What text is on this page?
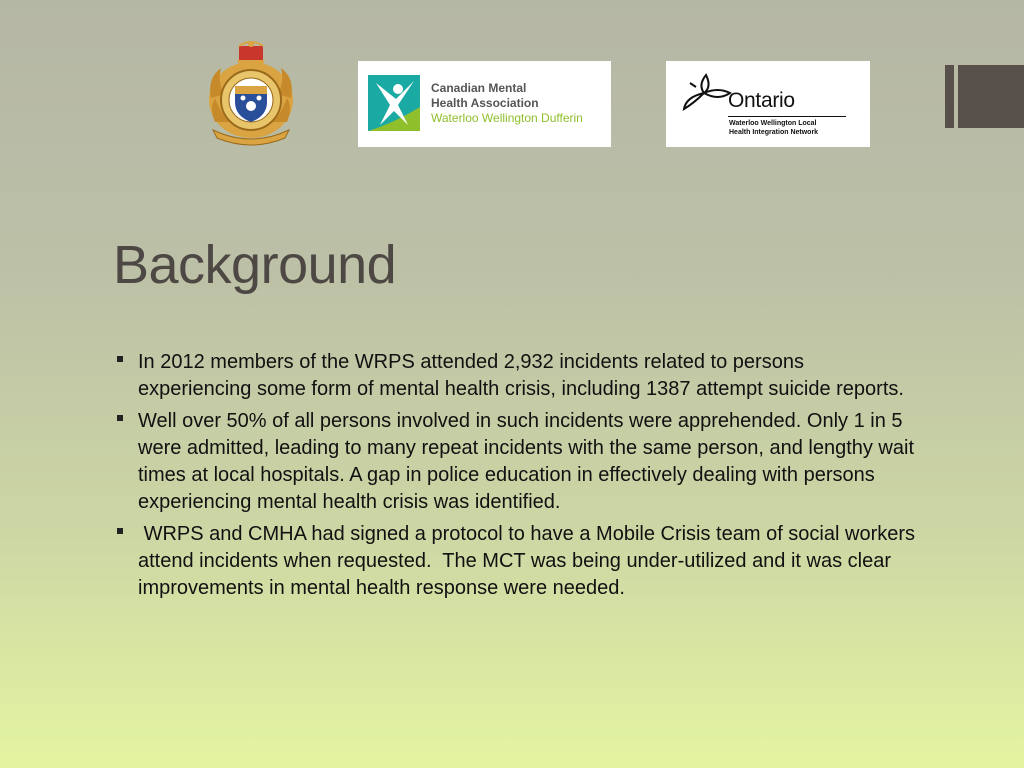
Canadian Mental
Health Association
Waterloo Wellington Dufferin
Ontario
Waterloo Wellington Local
Health Integration Network
Background
In 2012 members of the WRPS attended 2,932 incidents related to persons experiencing some form of mental health crisis, including 1387 attempt suicide reports.
Well over 50% of all persons involved in such incidents were apprehended. Only 1 in 5 were admitted, leading to many repeat incidents with the same person, and lengthy wait times at local hospitals. A gap in police education in effectively dealing with persons experiencing mental health crisis was identified.
WRPS and CMHA had signed a protocol to have a Mobile Crisis team of social workers attend incidents when requested.  The MCT was being under-utilized and it was clear improvements in mental health response were needed.
